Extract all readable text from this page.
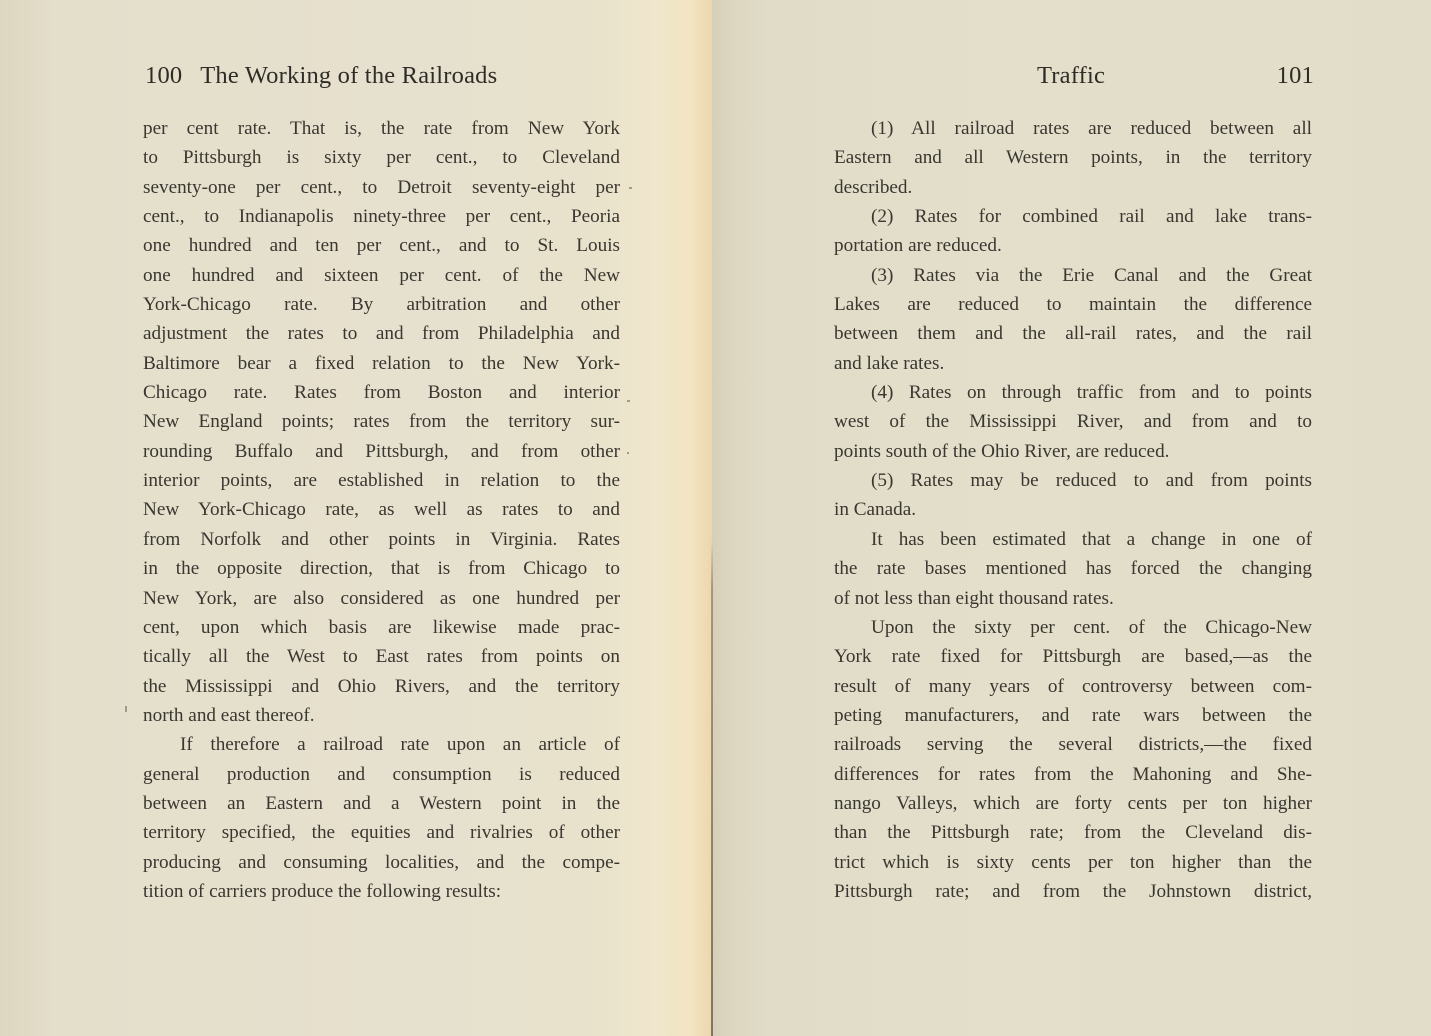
100 The Working of the Railroads
per cent rate. That is, the rate from New York
to Pittsburgh is sixty per cent., to Cleveland
seventy-one per cent., to Detroit seventy-eight per
cent., to Indianapolis ninety-three per cent., Peoria
one hundred and ten per cent., and to St. Louis
one hundred and sixteen per cent. of the New
York-Chicago rate. By arbitration and other
adjustment the rates to and from Philadelphia and
Baltimore bear a fixed relation to the New York-
Chicago rate. Rates from Boston and interior
New England points; rates from the territory sur-
rounding Buffalo and Pittsburgh, and from other
interior points, are established in relation to the
New York-Chicago rate, as well as rates to and
from Norfolk and other points in Virginia. Rates
in the opposite direction, that is from Chicago to
New York, are also considered as one hundred per
cent, upon which basis are likewise made prac-
tically all the West to East rates from points on
the Mississippi and Ohio Rivers, and the territory
north and east thereof.
If therefore a railroad rate upon an article of
general production and consumption is reduced
between an Eastern and a Western point in the
territory specified, the equities and rivalries of other
producing and consuming localities, and the compe-
tition of carriers produce the following results:
Traffic	101
(1) All railroad rates are reduced between all
Eastern and all Western points, in the territory
described.
(2) Rates for combined rail and lake trans-
portation are reduced.
(3) Rates via the Erie Canal and the Great
Lakes are reduced to maintain the difference
between them and the all-rail rates, and the rail
and lake rates.
(4) Rates on through traffic from and to points
west of the Mississippi River, and from and to
points south of the Ohio River, are reduced.
(5) Rates may be reduced to and from points
in Canada.
It has been estimated that a change in one of
the rate bases mentioned has forced the changing
of not less than eight thousand rates.
Upon the sixty per cent. of the Chicago-New
York rate fixed for Pittsburgh are based,—as the
result of many years of controversy between com-
peting manufacturers, and rate wars between the
railroads serving the several districts,—the fixed
differences for rates from the Mahoning and She-
nango Valleys, which are forty cents per ton higher
than the Pittsburgh rate; from the Cleveland dis-
trict which is sixty cents per ton higher than the
Pittsburgh rate; and from the Johnstown district,
